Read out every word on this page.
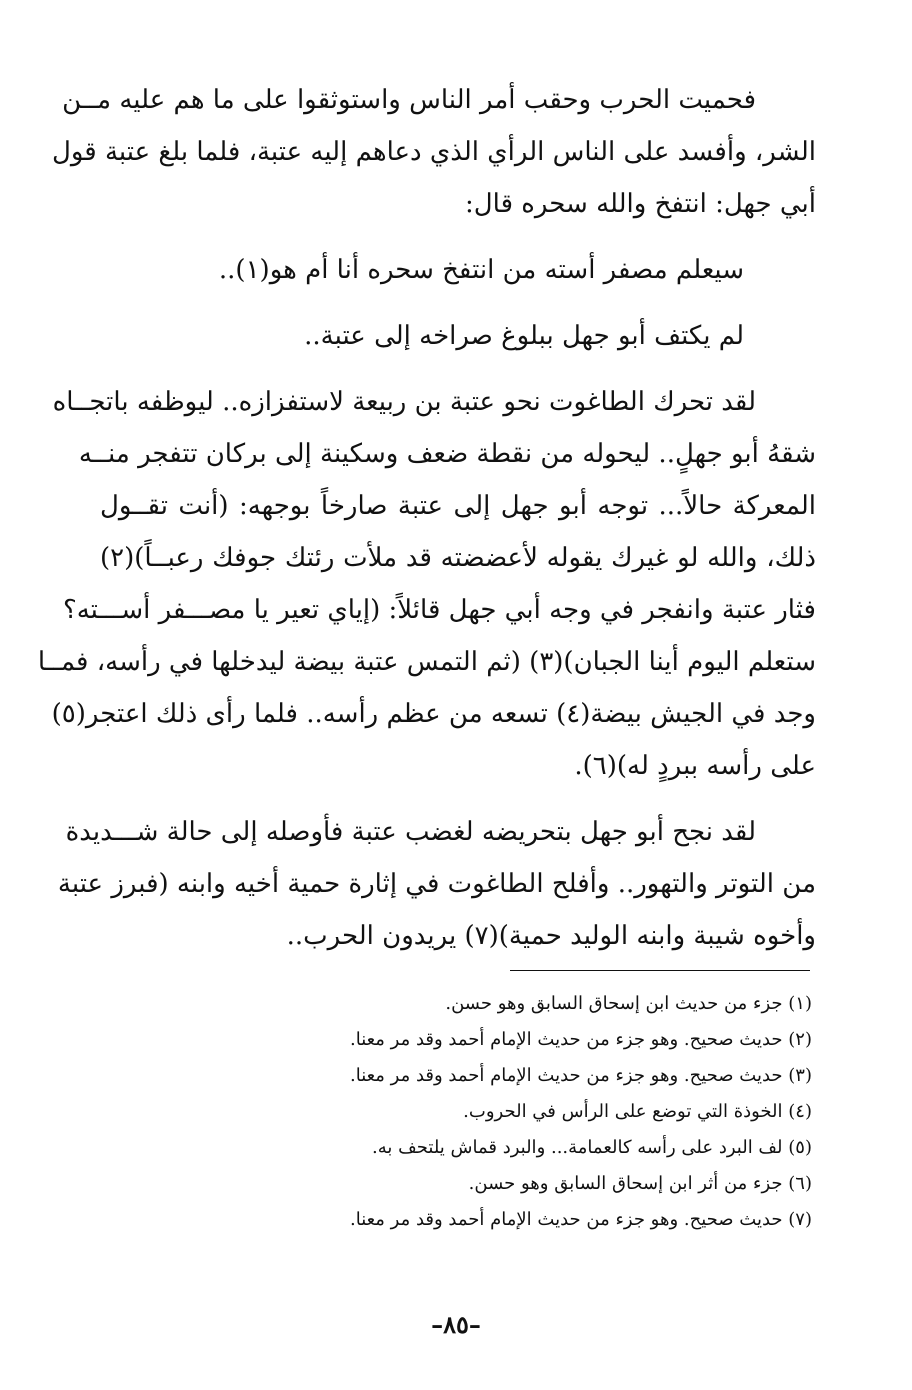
فحميت الحرب وحقب أمر الناس واستوثقوا على ما هم عليه مــن
الشر، وأفسد على الناس الرأي الذي دعاهم إليه عتبة، فلما بلغ عتبة قول
أبي جهل: انتفخ والله سحره قال:
سيعلم مصفر أسته من انتفخ سحره أنا أم هو(١)..
لم يكتف أبو جهل ببلوغ صراخه إلى عتبة..
لقد تحرك الطاغوت نحو عتبة بن ربيعة لاستفزازه.. ليوظفه باتجــاه
شقهُ أبو جهلٍ.. ليحوله من نقطة ضعف وسكينة إلى بركان تتفجر منــه
المعركة حالاً... توجه أبو جهل إلى عتبة صارخاً بوجهه: (أنت تقــول
ذلك، والله لو غيرك يقوله لأعضضته قد ملأت رئتك جوفك رعبــاً)(٢)
فثار عتبة وانفجر في وجه أبي جهل قائلاً: (إياي تعير يا مصـــفر أســـته؟
ستعلم اليوم أينا الجبان)(٣) (ثم التمس عتبة بيضة ليدخلها في رأسه، فمــا
وجد في الجيش بيضة(٤) تسعه من عظم رأسه.. فلما رأى ذلك اعتجر(٥)
على رأسه ببردٍ له)(٦).
لقد نجح أبو جهل بتحريضه لغضب عتبة فأوصله إلى حالة شـــديدة
من التوتر والتهور.. وأفلح الطاغوت في إثارة حمية أخيه وابنه (فبرز عتبة
وأخوه شيبة وابنه الوليد حمية)(٧) يريدون الحرب..
(١) جزء من حديث ابن إسحاق السابق وهو حسن.
(٢) حديث صحيح. وهو جزء من حديث الإمام أحمد وقد مر معنا.
(٣) حديث صحيح. وهو جزء من حديث الإمام أحمد وقد مر معنا.
(٤) الخوذة التي توضع على الرأس في الحروب.
(٥) لف البرد على رأسه كالعمامة... والبرد قماش يلتحف به.
(٦) جزء من أثر ابن إسحاق السابق وهو حسن.
(٧) حديث صحيح. وهو جزء من حديث الإمام أحمد وقد مر معنا.
–٨٥–
